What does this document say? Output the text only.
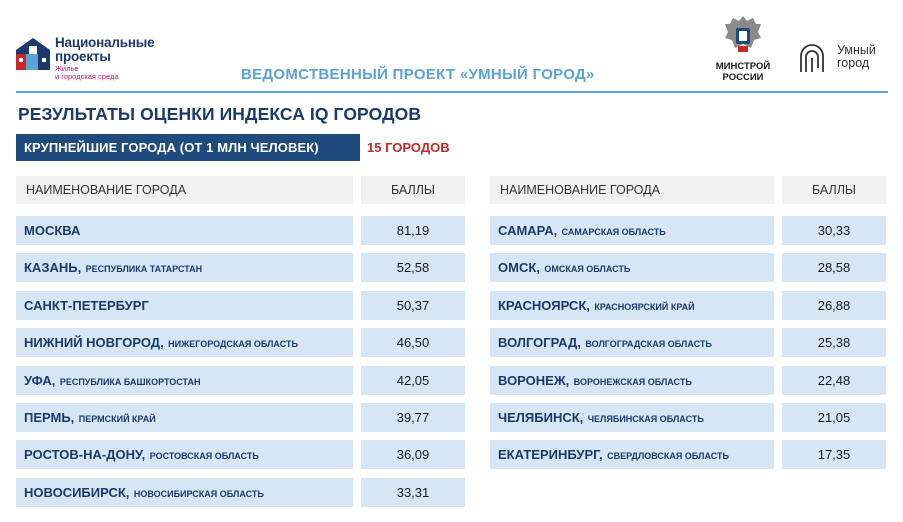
Национальные
проекты
Жилье
и городская среда	ВЕДОМСТВЕННЫЙ ПРОЕКТ «УМНЫЙ ГОРОД»	МИНСТРОЙ
РОССИИ
Умный
город
РЕЗУЛЬТАТЫ ОЦЕНКИ ИНДЕКСА IQ ГОРОДОВ
КРУПНЕЙШИЕ ГОРОДА (ОТ 1 МЛН ЧЕЛОВЕК)	15 ГОРОДОВ
НАИМЕНОВАНИЕ ГОРОДА	БАЛЛЫ	НАИМЕНОВАНИЕ ГОРОДА	БАЛЛЫ
МОСКВА	81,19
КАЗАНЬ, РЕСПУБЛИКА ТАТАРСТАН	52,58
САНКТ-ПЕТЕРБУРГ	50,37
НИЖНИЙ НОВГОРОД, НИЖЕГОРОДСКАЯ ОБЛАСТЬ	46,50
УФА, РЕСПУБЛИКА БАШКОРТОСТАН	42,05
ПЕРМЬ, ПЕРМСКИЙ КРАЙ	39,77
РОСТОВ-НА-ДОНУ, РОСТОВСКАЯ ОБЛАСТЬ	36,09
НОВОСИБИРСК, НОВОСИБИРСКАЯ ОБЛАСТЬ	33,31
САМАРА, САМАРСКАЯ ОБЛАСТЬ	30,33
ОМСК, ОМСКАЯ ОБЛАСТЬ	28,58
КРАСНОЯРСК, КРАСНОЯРСКИЙ КРАЙ	26,88
ВОЛГОГРАД, ВОЛГОГРАДСКАЯ ОБЛАСТЬ	25,38
ВОРОНЕЖ, ВОРОНЕЖСКАЯ ОБЛАСТЬ	22,48
ЧЕЛЯБИНСК, ЧЕЛЯБИНСКАЯ ОБЛАСТЬ	21,05
ЕКАТЕРИНБУРГ, СВЕРДЛОВСКАЯ ОБЛАСТЬ	17,35
